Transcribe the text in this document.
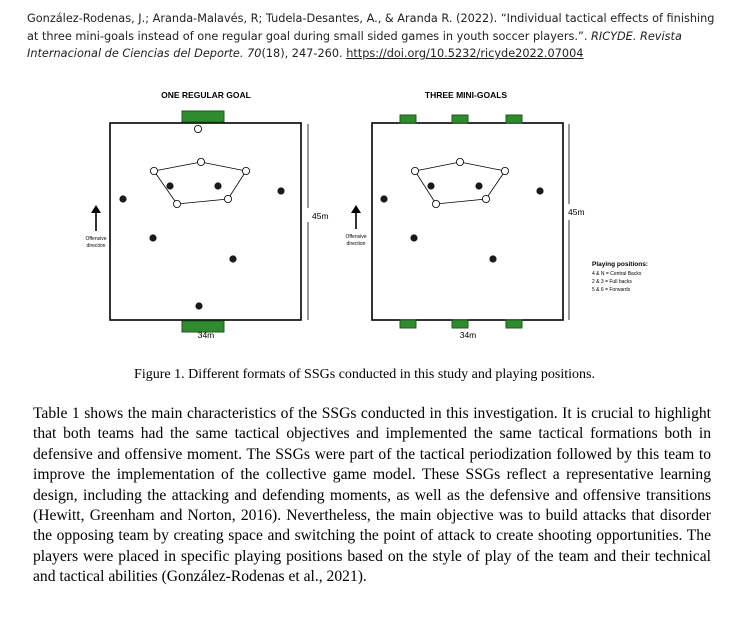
González-Rodenas, J.; Aranda-Malavés, R; Tudela-Desantes, A., & Aranda R. (2022). “Individual tactical effects of finishing at three mini-goals instead of one regular goal during small sided games in youth soccer players.”. RICYDE. Revista Internacional de Ciencias del Deporte. 70(18), 247-260. https://doi.org/10.5232/ricyde2022.07004
ONE REGULAR GOAL
45m
34m
Offensive
direction
THREE MINI-GOALS
45m
34m
Offensive
direction
Playing positions:
4 & N = Central Backs
2 & 3 = Full backs
5 & 6 = Forwards
Figure 1. Different formats of SSGs conducted in this study and playing positions.
Table 1 shows the main characteristics of the SSGs conducted in this investigation. It is crucial to highlight that both teams had the same tactical objectives and implemented the same tactical formations both in defensive and offensive moment. The SSGs were part of the tactical periodization followed by this team to improve the implementation of the collective game model. These SSGs reflect a representative learning design, including the attacking and defending moments, as well as the defensive and offensive transitions (Hewitt, Greenham and Norton, 2016). Nevertheless, the main objective was to build attacks that disorder the opposing team by creating space and switching the point of attack to create shooting opportunities. The players were placed in specific playing positions based on the style of play of the team and their technical and tactical abilities (González-Rodenas et al., 2021).
